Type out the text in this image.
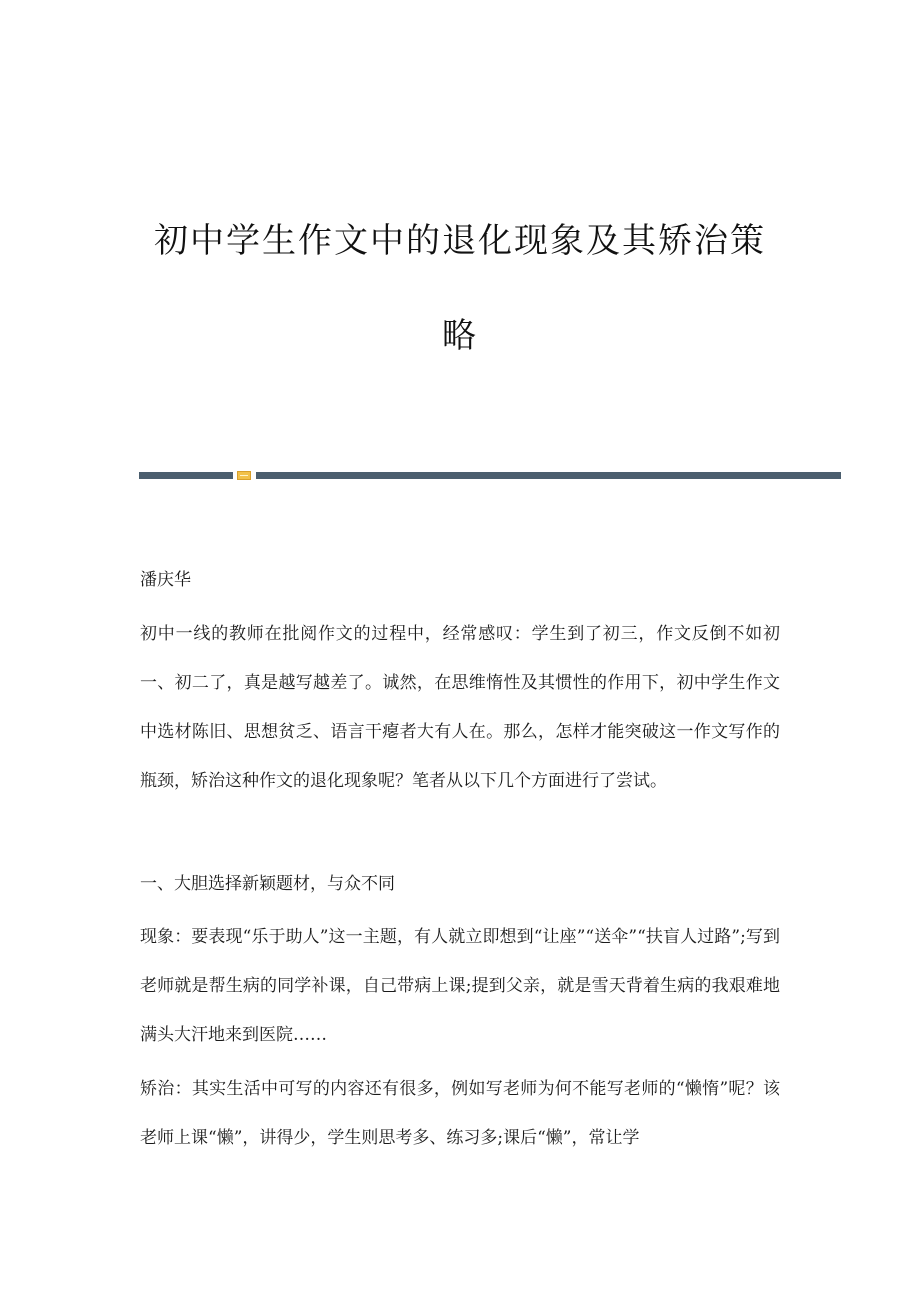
初中学生作文中的退化现象及其矫治策
略

潘庆华

初中一线的教师在批阅作文的过程中，经常感叹：学生到了初三，作文反倒不如初一、初二了，真是越写越差了。诚然，在思维惰性及其惯性的作用下，初中学生作文中选材陈旧、思想贫乏、语言干瘪者大有人在。那么，怎样才能突破这一作文写作的瓶颈，矫治这种作文的退化现象呢？笔者从以下几个方面进行了尝试。

一、大胆选择新颖题材，与众不同

现象：要表现“乐于助人”这一主题，有人就立即想到“让座”“送伞”“扶盲人过路”;写到老师就是帮生病的同学补课，自己带病上课;提到父亲，就是雪天背着生病的我艰难地满头大汗地来到医院……

矫治：其实生活中可写的内容还有很多，例如写老师为何不能写老师的“懒惰”呢？该老师上课“懒”，讲得少，学生则思考多、练习多;课后“懒”，常让学
